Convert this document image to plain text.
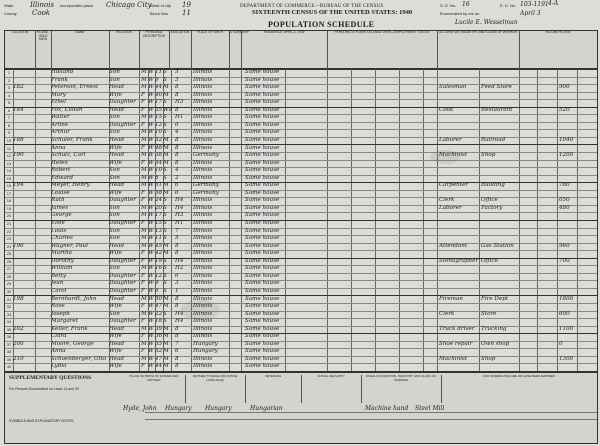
State Illinois
County Cook
Incorporated place Chicago City
Ward of city 19
Block Nos. 11
DEPARTMENT OF COMMERCE—BUREAU OF THE CENSUS
SIXTEENTH CENSUS OF THE UNITED STATES: 1940
POPULATION SCHEDULE
S. D. No. 16	E. D. No. 103-1191
Enumerated by me on	April 3
Lucile E. Wesselman
4-A
LOCATION	HOUSE-HOLD DATA
NAME	RELATION	PERSONAL DESCRIPTION
EDUCATION	PLACE OF BIRTH	CITIZENSHIP	RESIDENCE, APRIL 1, 1935	PERSONS 14 YEARS OLD AND OVER—EMPLOYMENT STATUS	OCCUPATION, INDUSTRY, AND CLASS OF WORKER	INCOME IN 1939
1	Holland	Son	M W 11 S	5	Illinois	Same house
2	Frank	Son	M W 9 S	3	Illinois	Same house
3 182	Peterson, Ernest	Head	M W 44 M	8	Illinois	Same house	Salesman	Feed Store	900
4	Mary	Wife	F W 40 M	8	Illinois	Same house
5	Ethel	Daughter F W 17 S	H3	Illinois	Same house
6 184	Fox, Lillian	Head	F W 35 Wd 8	Illinois	Same house	Cook	Restaurant	520
7	Walter	Son	M W 15 S	H1	Illinois	Same house
8	Arline	Daughter F W 12 S	6	Illinois	Same house
9	Arthur	Son	M W 10 S	4	Illinois	Same house
10 188	Schuler, Frank	Head	M W 52 M	8	Illinois	Same house	Laborer	Railroad	1040
11	Anna	Wife	F W 48 M	8	Illinois	Same house
12 190	Schulz, Carl	Head	M W 38 M	8	Germany	Same house	Machinist	Shop	1200
13	Helen	Wife	F W 34 M	8	Illinois	Same house
14	Robert	Son	M W 10 S	4	Illinois	Same house
15	Edward	Son	M W 8 S	2	Illinois	Same house
16 194	Meyer, Henry	Head	M W 61 M	6	Germany	Same house	Carpenter	Building	780
17	Louise	Wife	F W 58 M	6	Germany	Same house
18	Ruth	Daughter F W 24 S	H4	Illinois	Same house	Clerk	Office	650
19	James	Son	M W 20 S	H4	Illinois	Same house	Laborer	Factory	480
20	George	Son	M W 17 S	H3	Illinois	Same house
21	Elsie	Daughter F W 15 S	H1	Illinois	Same house
22	Louis	Son	M W 13 S	7	Illinois	Same house
23	Charles	Son	M W 11 S	5	Illinois	Same house
24 196	Wagner, Paul	Head	M W 45 M	8	Illinois	Same house	Attendant	Gas Station	960
25	Martha	Wife	F W 42 M	8	Illinois	Same house
26	Dorothy	Daughter F W 19 S	H4	Illinois	Same house	Stenographer Office	700
27	William	Son	M W 16 S	H2	Illinois	Same house
28	Betty	Daughter F W 12 S	6	Illinois	Same house
29	Jean	Daughter F W 9 S	3	Illinois	Same house
30	Carol	Daughter F W 6 S	1	Illinois	Same house
31 198	Bernhardt, John	Head	M W 50 M	8	Illinois	Same house	Fireman	Fire Dept	1800
32	Rose	Wife	F W 47 M	8	Illinois	Same house
33	Joseph	Son	M W 22 S	H4	Illinois	Same house	Clerk	Store	600
34	Margaret	Daughter F W 18 S	H4	Illinois	Same house
35 202	Keller, Frank	Head	M W 39 M	8	Illinois	Same house	Truck driver	Trucking	1100
36	Clara	Wife	F W 36 M	8	Illinois	Same house
37 206	Moore, George	Head	M W 55 M	7	Hungary	Same house	Shoe repair	Own shop	0
38	Anna	Wife	F W 52 M	6	Hungary	Same house
39 210	Schoenberger, Otto Head	M W 47 M	8	Illinois	Same house	Machinist	Shop	1300
40	Lydia	Wife	F W 44 M	8	Illinois	Same house
SUPPLEMENTARY QUESTIONS
For Persons Enumerated on Lines 14 and 29
PLACE OF BIRTH OF FATHER AND MOTHER
MOTHER TONGUE (OR NATIVE LANGUAGE)
VETERANS	SOCIAL SECURITY	USUAL OCCUPATION, INDUSTRY, AND CLASS OF WORKER
FOR WOMEN WHO ARE OR HAVE BEEN MARRIED
Hyde, John Hungary Hungary	Hungarian	Machine hand Steel Mill
SYMBOLS AND EXPLANATORY NOTES
